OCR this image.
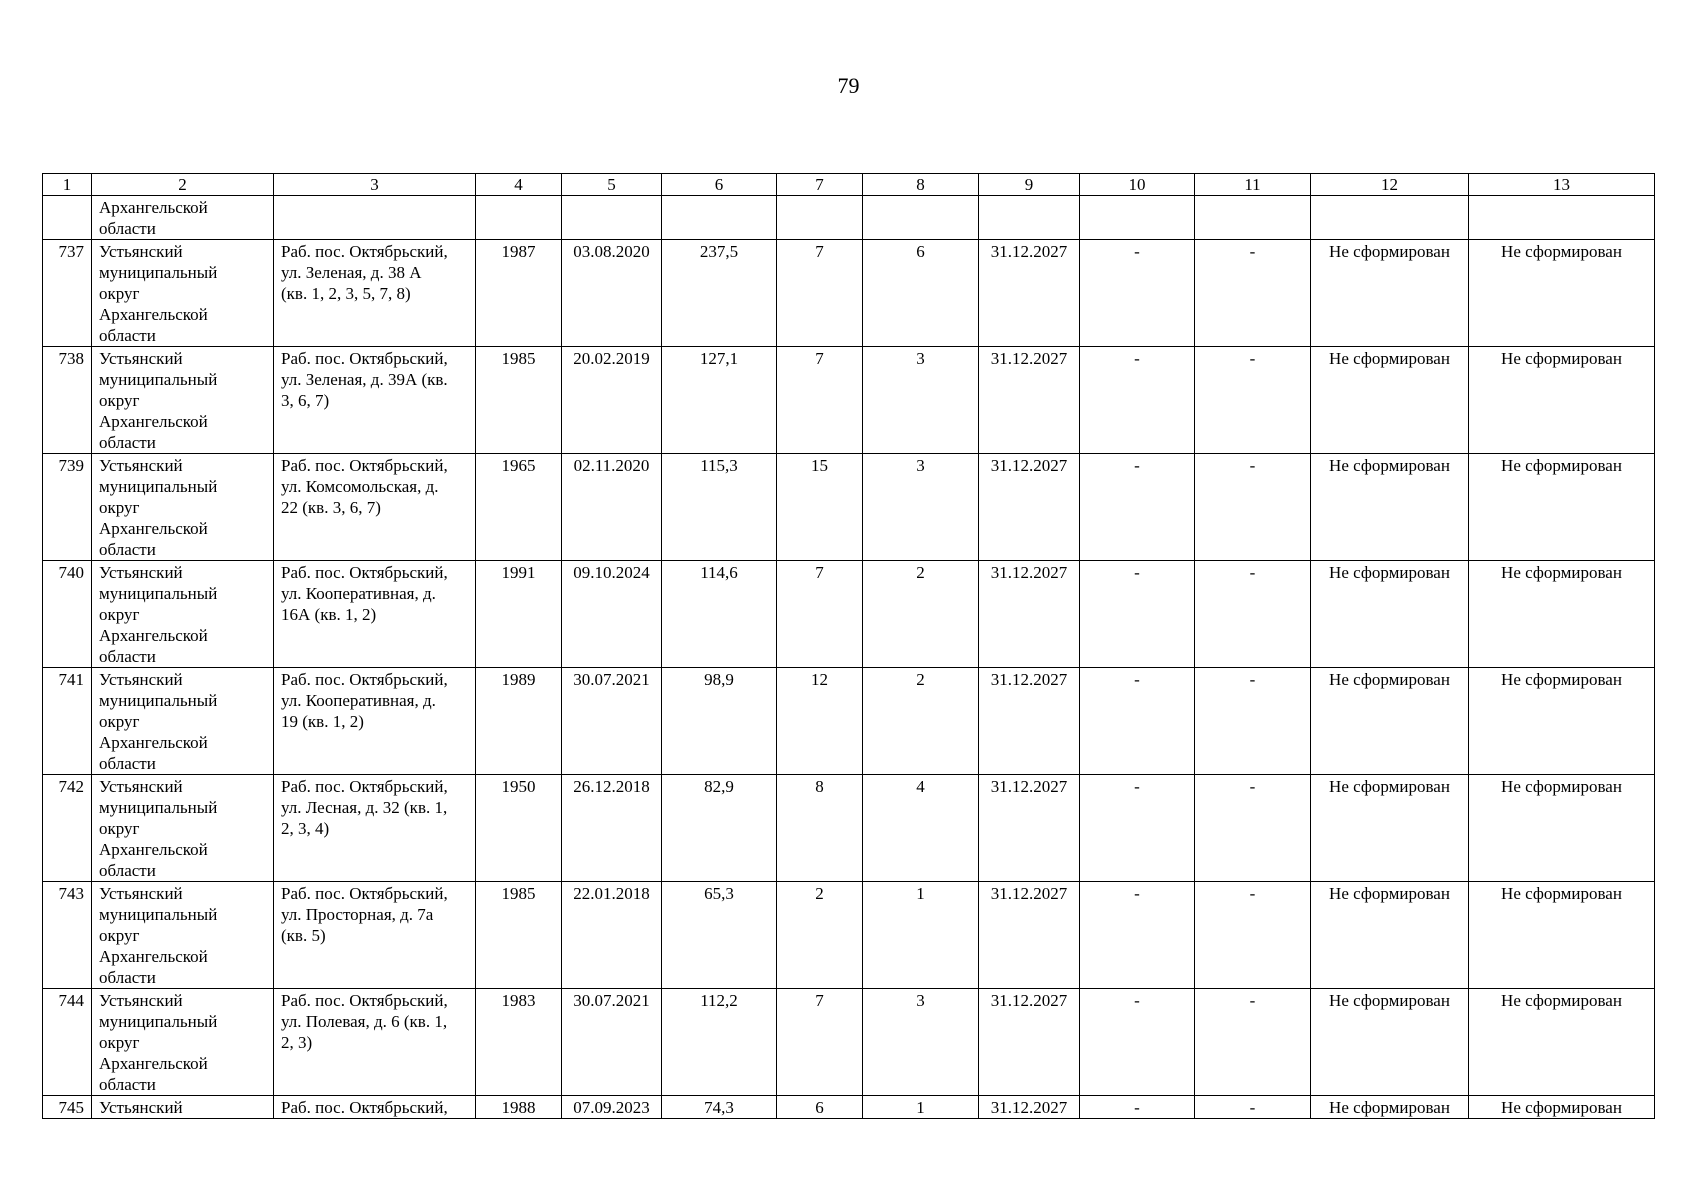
79
1	2	3	4	5	6	7	8	9	10	11	12	13
	Архангельской
области											
737	Устьянский
муниципальный
округ
Архангельской
области	Раб. пос. Октябрьский,
ул. Зеленая, д. 38 А
(кв. 1, 2, 3, 5, 7, 8)	1987	03.08.2020	237,5	7	6	31.12.2027	-	-	Не сформирован	Не сформирован
738	Устьянский
муниципальный
округ
Архангельской
области	Раб. пос. Октябрьский,
ул. Зеленая, д. 39А (кв.
3, 6, 7)	1985	20.02.2019	127,1	7	3	31.12.2027	-	-	Не сформирован	Не сформирован
739	Устьянский
муниципальный
округ
Архангельской
области	Раб. пос. Октябрьский,
ул. Комсомольская, д.
22 (кв. 3, 6, 7)	1965	02.11.2020	115,3	15	3	31.12.2027	-	-	Не сформирован	Не сформирован
740	Устьянский
муниципальный
округ
Архангельской
области	Раб. пос. Октябрьский,
ул. Кооперативная, д.
16А (кв. 1, 2)	1991	09.10.2024	114,6	7	2	31.12.2027	-	-	Не сформирован	Не сформирован
741	Устьянский
муниципальный
округ
Архангельской
области	Раб. пос. Октябрьский,
ул. Кооперативная, д.
19 (кв. 1, 2)	1989	30.07.2021	98,9	12	2	31.12.2027	-	-	Не сформирован	Не сформирован
742	Устьянский
муниципальный
округ
Архангельской
области	Раб. пос. Октябрьский,
ул. Лесная, д. 32 (кв. 1,
2, 3, 4)	1950	26.12.2018	82,9	8	4	31.12.2027	-	-	Не сформирован	Не сформирован
743	Устьянский
муниципальный
округ
Архангельской
области	Раб. пос. Октябрьский,
ул. Просторная, д. 7а
(кв. 5)	1985	22.01.2018	65,3	2	1	31.12.2027	-	-	Не сформирован	Не сформирован
744	Устьянский
муниципальный
округ
Архангельской
области	Раб. пос. Октябрьский,
ул. Полевая, д. 6 (кв. 1,
2, 3)	1983	30.07.2021	112,2	7	3	31.12.2027	-	-	Не сформирован	Не сформирован
745	Устьянский	Раб. пос. Октябрьский,	1988	07.09.2023	74,3	6	1	31.12.2027	-	-	Не сформирован	Не сформирован
